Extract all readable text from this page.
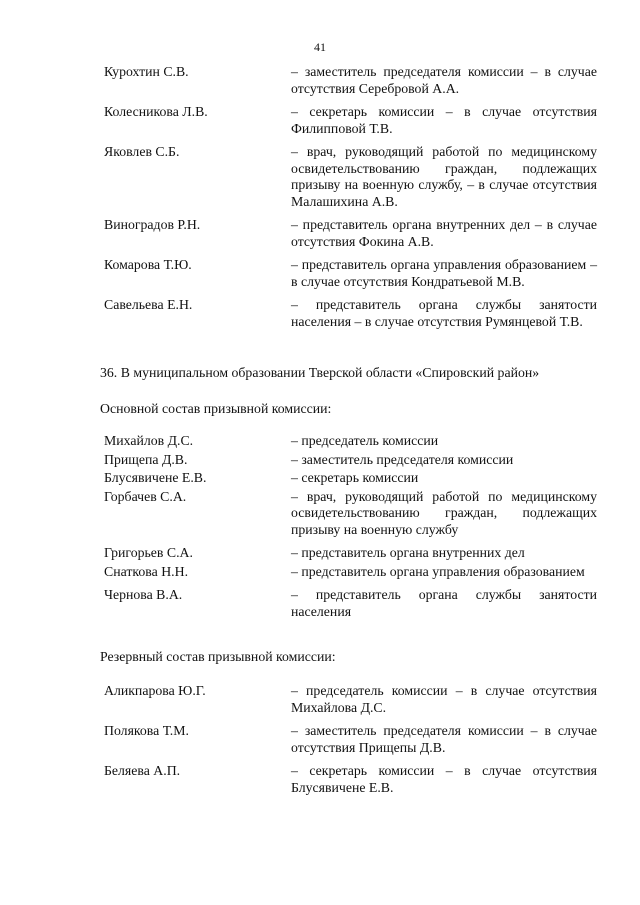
41
Курохтин С.В.	– заместитель председателя комиссии – в случае отсутствия Серебровой А.А.
Колесникова Л.В.	– секретарь комиссии – в случае отсутствия Филипповой Т.В.
Яковлев С.Б.	– врач, руководящий работой по медицинскому освидетельствованию граждан, подлежащих призыву на военную службу, – в случае отсутствия Малашихина А.В.
Виноградов Р.Н.	– представитель органа внутренних дел – в случае отсутствия Фокина А.В.
Комарова Т.Ю.	– представитель органа управления образованием – в случае отсутствия Кондратьевой М.В.
Савельева Е.Н.	– представитель органа службы занятости населения – в случае отсутствия Румянцевой Т.В.
36. В муниципальном образовании Тверской области «Спировский район»
Основной состав призывной комиссии:
Михайлов Д.С.	– председатель комиссии
Прищепа Д.В.	– заместитель председателя комиссии
Блусявичене Е.В.	– секретарь комиссии
Горбачев С.А.	– врач, руководящий работой по медицинскому освидетельствованию граждан, подлежащих призыву на военную службу
Григорьев С.А.	– представитель органа внутренних дел
Снаткова Н.Н.	– представитель органа управления образованием
Чернова В.А.	– представитель органа службы занятости населения
Резервный состав призывной комиссии:
Аликпарова Ю.Г.	– председатель комиссии – в случае отсутствия Михайлова Д.С.
Полякова Т.М.	– заместитель председателя комиссии – в случае отсутствия Прищепы Д.В.
Беляева А.П.	– секретарь комиссии – в случае отсутствия Блусявичене Е.В.
